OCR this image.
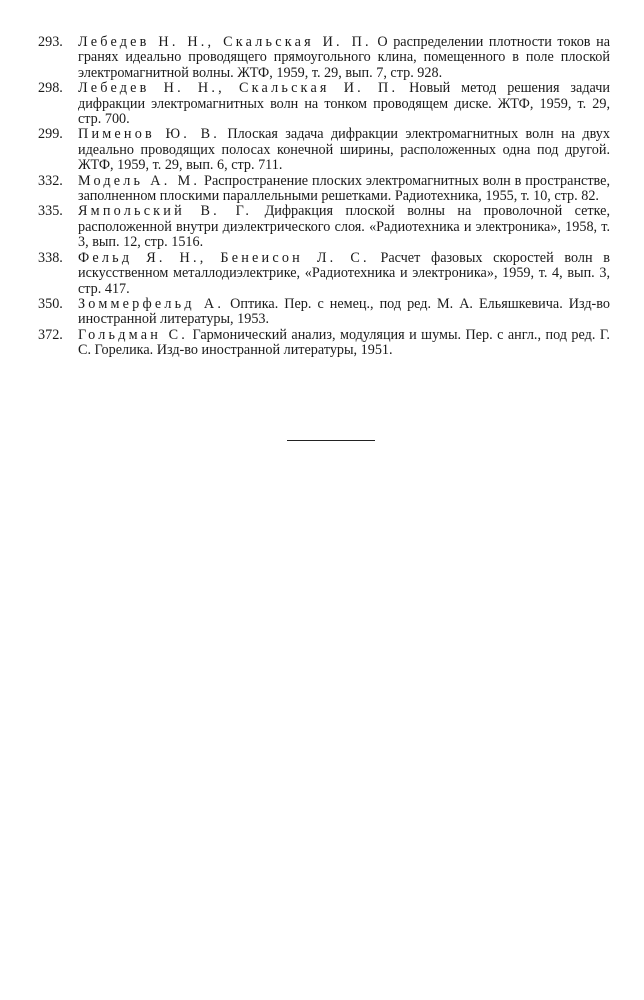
293.	Лебедев Н. Н., Скальская И. П. О распределении плотности токов на гранях идеально проводящего прямоугольного клина, помещенного в поле плоской электромагнитной волны. ЖТФ, 1959, т. 29, вып. 7, стр. 928.
298.	Лебедев Н. Н., Скальская И. П. Новый метод решения задачи дифракции электромагнитных волн на тонком проводящем диске. ЖТФ, 1959, т. 29, стр. 700.
299.	Пименов Ю. В. Плоская задача дифракции электромагнитных волн на двух идеально проводящих полосах конечной ширины, расположенных одна под другой. ЖТФ, 1959, т. 29, вып. 6, стр. 711.
332.	Модель А. М. Распространение плоских электромагнитных волн в пространстве, заполненном плоскими параллельными решетками. Радиотехника, 1955, т. 10, стр. 82.
335.	Ямпольский В. Г. Дифракция плоской волны на проволочной сетке, расположенной внутри диэлектрического слоя. «Радиотехника и электроника», 1958, т. 3, вып. 12, стр. 1516.
338.	Фельд Я. Н., Бенеисон Л. С. Расчет фазовых скоростей волн в искусственном металлодиэлектрике, «Радиотехника и электроника», 1959, т. 4, вып. 3, стр. 417.
350.	Зоммерфельд А. Оптика. Пер. с немец., под ред. М. А. Ельяшкевича. Изд-во иностранной литературы, 1953.
372.	Гольдман С. Гармонический анализ, модуляция и шумы. Пер. с англ., под ред. Г. С. Горелика. Изд-во иностранной литературы, 1951.
